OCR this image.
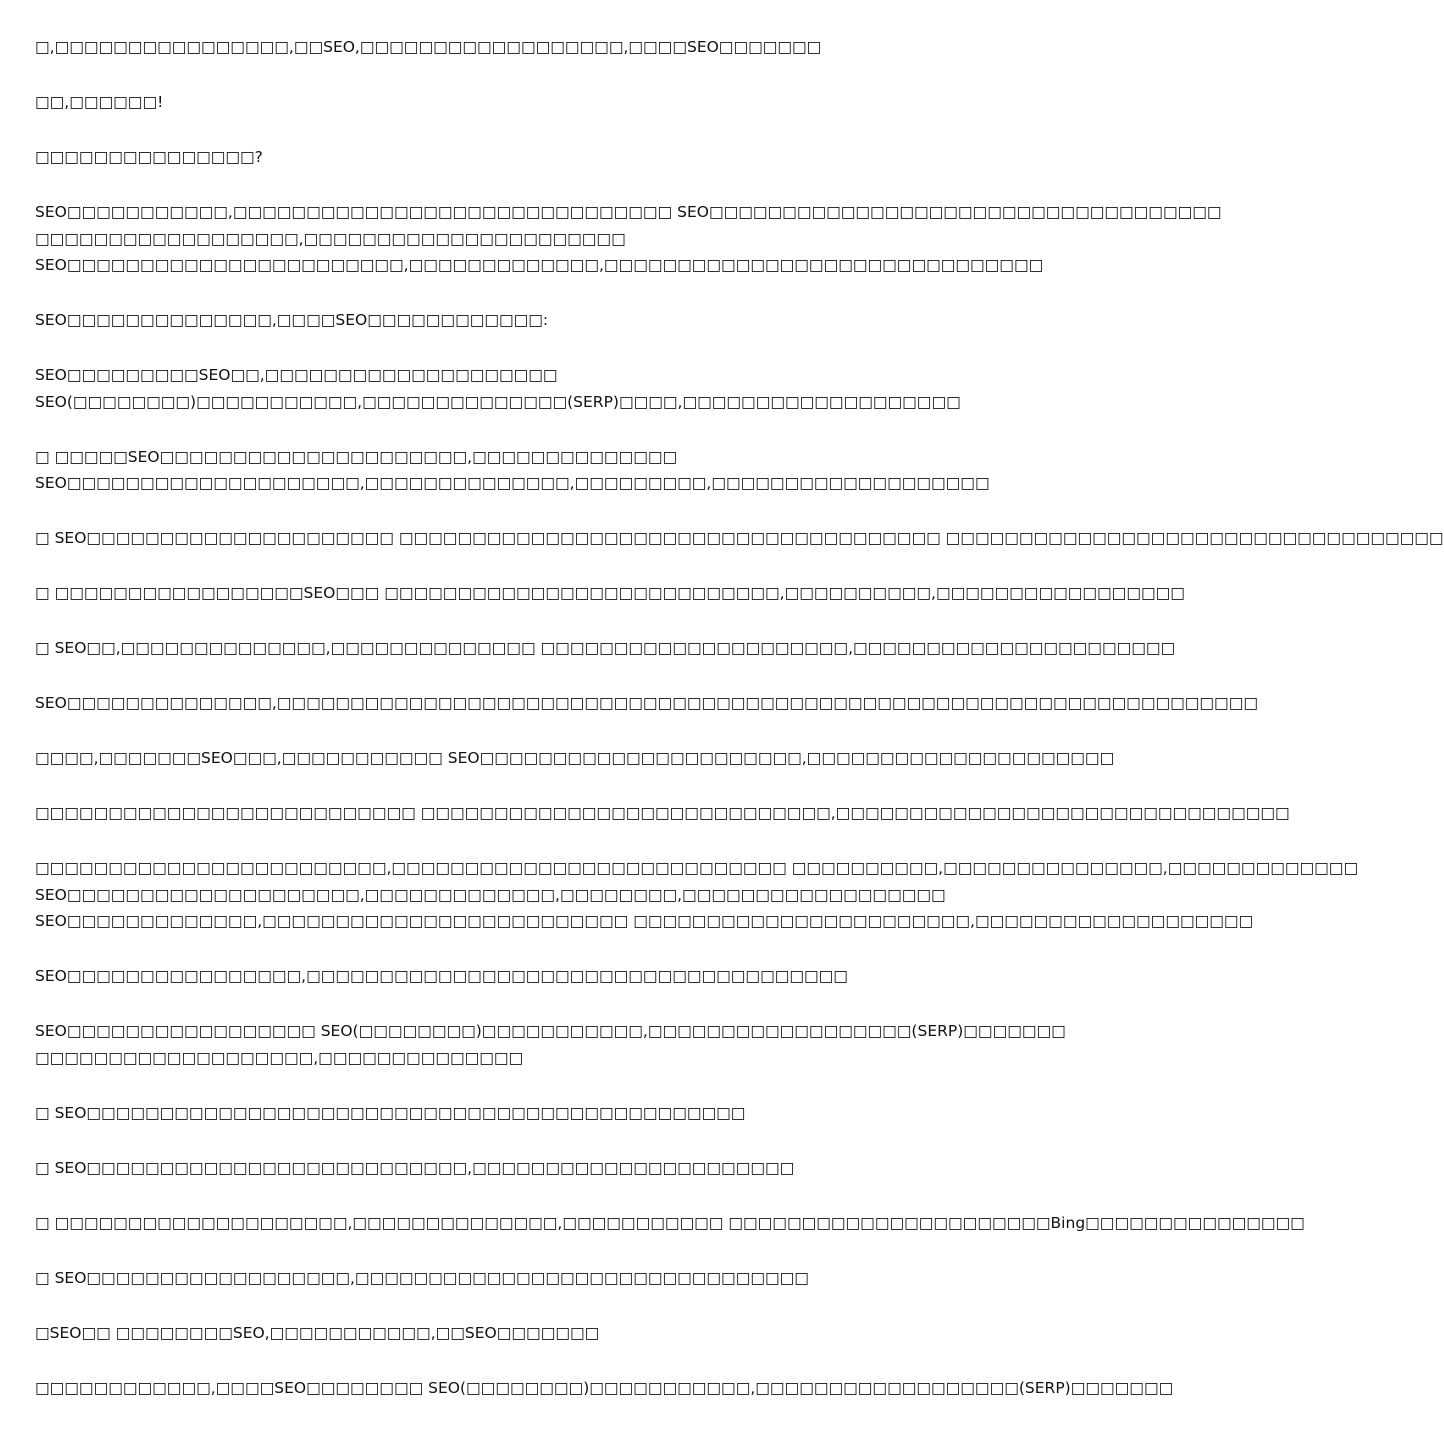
□,□□□□□□□□□□□□□□□□,□□SEO,□□□□□□□□□□□□□□□□□□,□□□□SEO□□□□□□□
□□,□□□□□□!
□□□□□□□□□□□□□□□?
SEO□□□□□□□□□□□,□□□□□□□□□□□□□□□□□□□□□□□□□□□□□□ SEO□□□□□□□□□□□□□□□□□□□□□□□□□□□□□□□□□□□
□□□□□□□□□□□□□□□□□□,□□□□□□□□□□□□□□□□□□□□□□
SEO□□□□□□□□□□□□□□□□□□□□□□□,□□□□□□□□□□□□□,□□□□□□□□□□□□□□□□□□□□□□□□□□□□□□
SEO□□□□□□□□□□□□□□,□□□□SEO□□□□□□□□□□□□:
SEO□□□□□□□□□SEO□□,□□□□□□□□□□□□□□□□□□□□
SEO(□□□□□□□□)□□□□□□□□□□□,□□□□□□□□□□□□□□(SERP)□□□□,□□□□□□□□□□□□□□□□□□□
□ □□□□□SEO□□□□□□□□□□□□□□□□□□□□□,□□□□□□□□□□□□□□
SEO□□□□□□□□□□□□□□□□□□□□,□□□□□□□□□□□□□□,□□□□□□□□□,□□□□□□□□□□□□□□□□□□□
□ SEO□□□□□□□□□□□□□□□□□□□□□ □□□□□□□□□□□□□□□□□□□□□□□□□□□□□□□□□□□□□ □□□□□□□□□□□□□□□□□□□□□□□□□□□□□□□□□□
□ □□□□□□□□□□□□□□□□□SEO□□□ □□□□□□□□□□□□□□□□□□□□□□□□□□□,□□□□□□□□□□,□□□□□□□□□□□□□□□□□
□ SEO□□,□□□□□□□□□□□□□□,□□□□□□□□□□□□□□ □□□□□□□□□□□□□□□□□□□□□,□□□□□□□□□□□□□□□□□□□□□□
SEO□□□□□□□□□□□□□□,□□□□□□□□□□□□□□□□□□□□□□□□□□□□□□□□□□□□□□□□□□□□□□□□□□□□□□□□□□□□□□□□□□□
□□□□,□□□□□□□SEO□□□,□□□□□□□□□□□ SEO□□□□□□□□□□□□□□□□□□□□□□,□□□□□□□□□□□□□□□□□□□□□
□□□□□□□□□□□□□□□□□□□□□□□□□□ □□□□□□□□□□□□□□□□□□□□□□□□□□□□,□□□□□□□□□□□□□□□□□□□□□□□□□□□□□□□
□□□□□□□□□□□□□□□□□□□□□□□□,□□□□□□□□□□□□□□□□□□□□□□□□□□□ □□□□□□□□□□,□□□□□□□□□□□□□□□,□□□□□□□□□□□□□
SEO□□□□□□□□□□□□□□□□□□□□,□□□□□□□□□□□□□,□□□□□□□□,□□□□□□□□□□□□□□□□□□
SEO□□□□□□□□□□□□□,□□□□□□□□□□□□□□□□□□□□□□□□□ □□□□□□□□□□□□□□□□□□□□□□□,□□□□□□□□□□□□□□□□□□□
SEO□□□□□□□□□□□□□□□□,□□□□□□□□□□□□□□□□□□□□□□□□□□□□□□□□□□□□□
SEO□□□□□□□□□□□□□□□□□ SEO(□□□□□□□□)□□□□□□□□□□□,□□□□□□□□□□□□□□□□□□(SERP)□□□□□□□
□□□□□□□□□□□□□□□□□□□,□□□□□□□□□□□□□□
□ SEO□□□□□□□□□□□□□□□□□□□□□□□□□□□□□□□□□□□□□□□□□□□□□
□ SEO□□□□□□□□□□□□□□□□□□□□□□□□□□,□□□□□□□□□□□□□□□□□□□□□□
□ □□□□□□□□□□□□□□□□□□□□,□□□□□□□□□□□□□□,□□□□□□□□□□□ □□□□□□□□□□□□□□□□□□□□□□Bing□□□□□□□□□□□□□□□
□ SEO□□□□□□□□□□□□□□□□□□,□□□□□□□□□□□□□□□□□□□□□□□□□□□□□□□
□SEO□□ □□□□□□□□SEO,□□□□□□□□□□□,□□SEO□□□□□□□
□□□□□□□□□□□□,□□□□SEO□□□□□□□□ SEO(□□□□□□□□)□□□□□□□□□□□,□□□□□□□□□□□□□□□□□□(SERP)□□□□□□□
